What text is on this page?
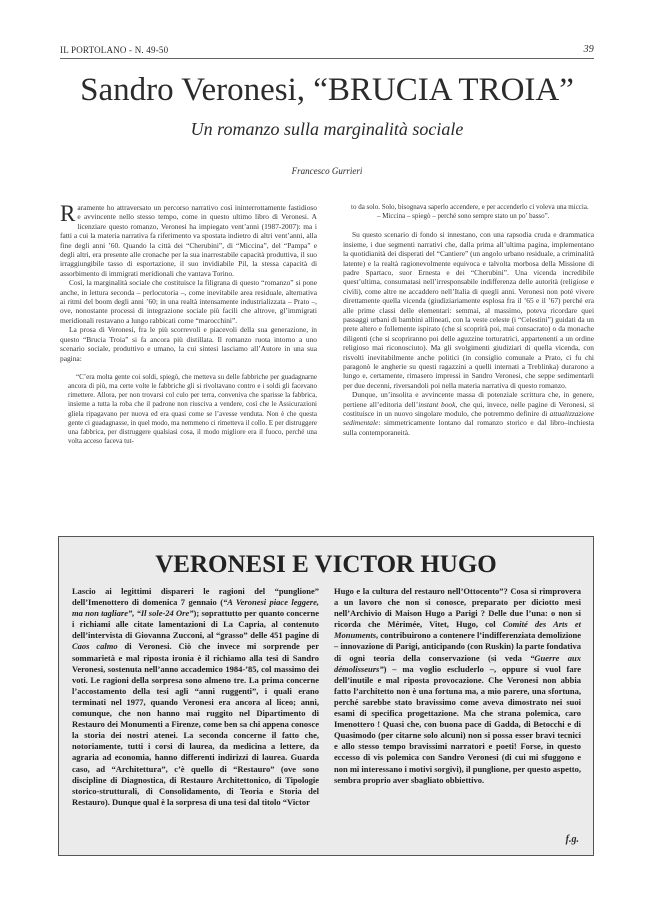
IL PORTOLANO - N. 49-50	39
Sandro Veronesi, “BRUCIA TROIA”
Un romanzo sulla marginalità sociale
Francesco Gurrieri

Raramente ho attraversato un percorso narrativo così ininterrottamente fastidioso e avvincente nello stesso tempo, come in questo ultimo libro di Veronesi. A licenziare questo romanzo, Veronesi ha impiegato vent’anni (1987-2007): ma i fatti a cui la materia narrativa fa riferimento va spostata indietro di altri vent’anni, alla fine degli anni ’60. Quando la città dei “Cherubini”, di “Miccina”, del “Pampa” e degli altri, era presente alle cronache per la sua inarrestabile capacità produttiva, il suo irraggiungibile tasso di esportazione, il suo invidiabile Pil, la stessa capacità di assorbimento di immigrati meridionali che vantava Torino.

Così, la marginalità sociale che costituisce la filigrana di questo “romanzo” si pone anche, in lettura seconda – perlocutoria –, come inevitabile area residuale, alternativa ai ritmi del boom degli anni ’60; in una realtà intensamente industrializzata – Prato –, ove, nonostante processi di integrazione sociale più facili che altrove, gl’immigrati meridionali restavano a lungo rabbicati come “marocchini”.

La prosa di Veronesi, fra le più scorrevoli e piacevoli della sua generazione, in questo “Brucia Troia” si fa ancora più distillata. Il romanzo ruota intorno a uno scenario sociale, produttivo e umano, la cui sintesi lasciamo all’Autore in una sua pagina:

“C’era molta gente coi soldi, spiegò, che metteva su delle fabbriche per guadagnarne ancora di più, ma certe volte le fabbriche gli si rivoltavano contro e i soldi gli facevano rimettere. Allora, per non trovarsi col culo per terra, conveniva che sparisse la fabbrica, insieme a tutta la roba che il padrone non riusciva a vendere, così che le Assicurazioni gliela ripagavano per nuova ed era quasi come se l’avesse venduta. Non è che questa gente ci guadagnasse, in quel modo, ma nemmeno ci rimetteva il collo. E per distruggere una fabbrica, per distruggere qualsiasi cosa, il modo migliore era il fuoco, perché una volta acceso faceva tut-
to da solo. Solo, bisognava saperlo accendere, e per accenderlo ci voleva una miccia.
– Miccina – spiegò – perché sono sempre stato un po’ basso”.

Su questo scenario di fondo si innestano, con una rapsodia cruda e drammatica insieme, i due segmenti narrativi che, dalla prima all’ultima pagina, implementano la quotidianità dei disperati del “Cantiere” (un angolo urbano residuale, a criminalità latente) e la realtà ragionevolmente equivoca e talvolta morbosa della Missione di padre Spartaco, suor Ernesta e dei “Cherubini”. Una vicenda incredibile quest’ultima, consumatasi nell’irresponsabile indifferenza delle autorità (religiose e civili), come altre ne accaddero nell’Italia di quegli anni. Veronesi non poté vivere direttamente quella vicenda (giudiziariamente esplosa fra il ’65 e il ’67) perché era alle prime classi delle elementari: semmai, al massimo, poteva ricordare quei passaggi urbani di bambini allineati, con la veste celeste (i “Celestini”) guidati da un prete altero e follemente ispirato (che si scoprirà poi, mai consacrato) o da monache diligenti (che si scopriranno poi delle aguzzine torturatrici, appartenenti a un ordine religioso mai riconosciuto). Ma gli svolgimenti giudiziari di quella vicenda, con risvolti inevitabilmente anche politici (in consiglio comunale a Prato, ci fu chi paragonò le angherie su questi ragazzini a quelli internati a Treblinka) durarono a lungo e, certamente, rimasero impressi in Sandro Veronesi, che seppe sedimentarli per due decenni, riversandoli poi nella materia narrativa di questo romanzo.

Dunque, un’insolita e avvincente massa di potenziale scrittura che, in genere, pertiene all’editoria dell’instant book, che qui, invece, nelle pagine di Veronesi, si costituisce in un nuovo singolare modulo, che potremmo definire di attualizzazione sedimentale: simmetricamente lontano dal romanzo storico e dal libro–inchiesta sulla contemporaneità.

VERONESI E VICTOR HUGO
Lascio ai legittimi dispareri le ragioni del “punglione” dell’Imenottero di domenica 7 gennaio (“A Veronesi piace leggere, ma non tagliare”, “Il sole-24 Ore”); soprattutto per quanto concerne i richiami alle citate lamentazioni di La Capria, al contenuto dell’intervista di Giovanna Zucconi, al “grasso” delle 451 pagine di Caos calmo di Veronesi. Ciò che invece mi sorprende per sommarietà e mal riposta ironia è il richiamo alla tesi di Sandro Veronesi, sostenuta nell’anno accademico 1984-’85, col massimo dei voti. Le ragioni della sorpresa sono almeno tre. La prima concerne l’accostamento della tesi agli “anni ruggenti”, i quali erano terminati nel 1977, quando Veronesi era ancora al liceo; anni, comunque, che non hanno mai ruggito nel Dipartimento di Restauro dei Monumenti a Firenze, come ben sa chi appena conosce la storia dei nostri atenei. La seconda concerne il fatto che, notoriamente, tutti i corsi di laurea, da medicina a lettere, da agraria ad economia, hanno differenti indirizzi di laurea. Guarda caso, ad “Architettura”, c’è quello di “Restauro” (ove sono discipline di Diagnostica, di Restauro Architettonico, di Tipologie storico-strutturali, di Consolidamento, di Teoria e Storia del Restauro). Dunque qual è la sorpresa di una tesi dal titolo “Victor
Hugo e la cultura del restauro nell’Ottocento”? Cosa si rimprovera a un lavoro che non si conosce, preparato per diciotto mesi nell’Archivio di Maison Hugo a Parigi ? Delle due l’una: o non si ricorda che Mérimée, Vitet, Hugo, col Comité des Arts et Monuments, contribuirono a contenere l’indifferenziata demolizione – innovazione di Parigi, anticipando (con Ruskin) la parte fondativa di ogni teoria della conservazione (si veda “Guerre aux démolisseurs”) – ma voglio escluderlo –, oppure si vuol fare dell’inutile e mal riposta provocazione. Che Veronesi non abbia fatto l’architetto non è una fortuna ma, a mio parere, una sfortuna, perché sarebbe stato bravissimo come aveva dimostrato nei suoi esami di specifica progettazione. Ma che strana polemica, caro Imenottero ! Quasi che, con buona pace di Gadda, di Betocchi e di Quasimodo (per citarne solo alcuni) non si possa esser bravi tecnici e allo stesso tempo bravissimi narratori e poeti! Forse, in questo eccesso di vis polemica con Sandro Veronesi (di cui mi sfuggono e non mi interessano i motivi sorgivi), il punglione, per questo aspetto, sembra proprio aver sbagliato obbiettivo.
f.g.
